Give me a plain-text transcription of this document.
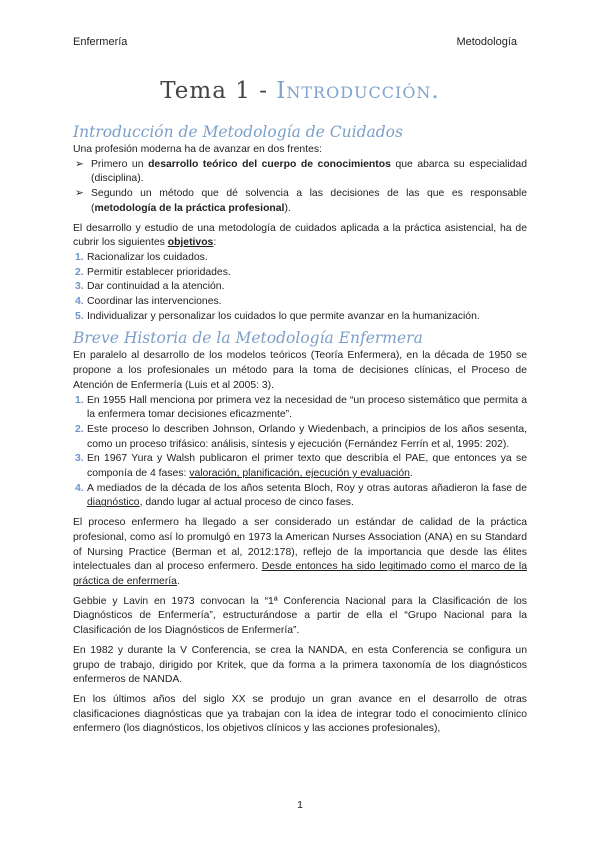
Enfermería	Metodología
Tema 1 - Introducción.
Introducción de Metodología de Cuidados

Una profesión moderna ha de avanzar en dos frentes:

➢ Primero un desarrollo teórico del cuerpo de conocimientos que abarca su especialidad (disciplina).
➢ Segundo un método que dé solvencia a las decisiones de las que es responsable (metodología de la práctica profesional).

El desarrollo y estudio de una metodología de cuidados aplicada a la práctica asistencial, ha de cubrir los siguientes objetivos:

1. Racionalizar los cuidados.
2. Permitir establecer prioridades.
3. Dar continuidad a la atención.
4. Coordinar las intervenciones.
5. Individualizar y personalizar los cuidados lo que permite avanzar en la humanización.
Breve Historia de la Metodología Enfermera

En paralelo al desarrollo de los modelos teóricos (Teoría Enfermera), en la década de 1950 se propone a los profesionales un método para la toma de decisiones clínicas, el Proceso de Atención de Enfermería (Luis et al 2005: 3).

1. En 1955 Hall menciona por primera vez la necesidad de “un proceso sistemático que permita a la enfermera tomar decisiones eficazmente”.
2. Este proceso lo describen Johnson, Orlando y Wiedenbach, a principios de los años sesenta, como un proceso trifásico: análisis, síntesis y ejecución (Fernández Ferrín et al, 1995: 202).
3. En 1967 Yura y Walsh publicaron el primer texto que describía el PAE, que entonces ya se componía de 4 fases: valoración, planificación, ejecución y evaluación.
4. A mediados de la década de los años setenta Bloch, Roy y otras autoras añadieron la fase de diagnóstico, dando lugar al actual proceso de cinco fases.

El proceso enfermero ha llegado a ser considerado un estándar de calidad de la práctica profesional, como así lo promulgó en 1973 la American Nurses Association (ANA) en su Standard of Nursing Practice (Berman et al, 2012:178), reflejo de la importancia que desde las élites intelectuales dan al proceso enfermero. Desde entonces ha sido legitimado como el marco de la práctica de enfermería.

Gebbie y Lavin en 1973 convocan la “1ª Conferencia Nacional para la Clasificación de los Diagnósticos de Enfermería”, estructurándose a partir de ella el “Grupo Nacional para la Clasificación de los Diagnósticos de Enfermería”.

En 1982 y durante la V Conferencia, se crea la NANDA, en esta Conferencia se configura un grupo de trabajo, dirigido por Kritek, que da forma a la primera taxonomía de los diagnósticos enfermeros de NANDA.

En los últimos años del siglo XX se produjo un gran avance en el desarrollo de otras clasificaciones diagnósticas que ya trabajan con la idea de integrar todo el conocimiento clínico enfermero (los diagnósticos, los objetivos clínicos y las acciones profesionales),

1
